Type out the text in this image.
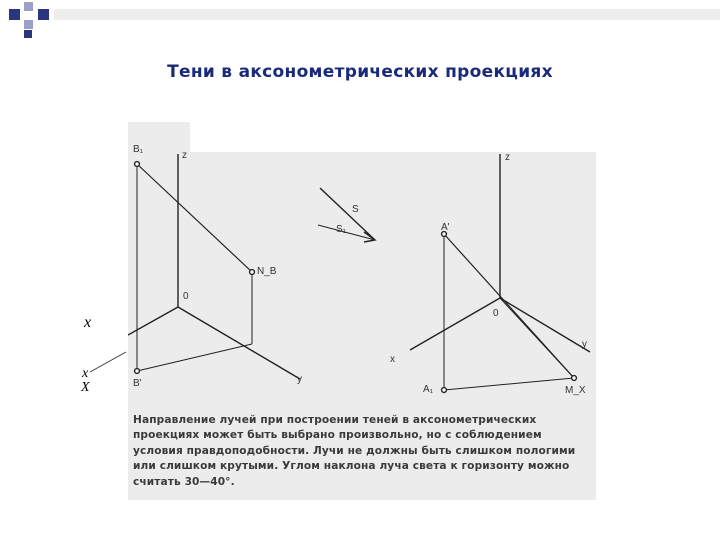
Тени в аксонометрических проекциях
B₁
z
N_B
0
B'	y
S
S₁
z
A'
0
x
y
A₁	M_X
x
x
X
Направление лучей при построении теней в аксонометрических проекциях может быть выбрано произвольно, но с соблюдением условия правдоподобности. Лучи не должны быть слишком пологими или слишком крутыми. Углом наклона луча света к горизонту можно считать 30—40°.
